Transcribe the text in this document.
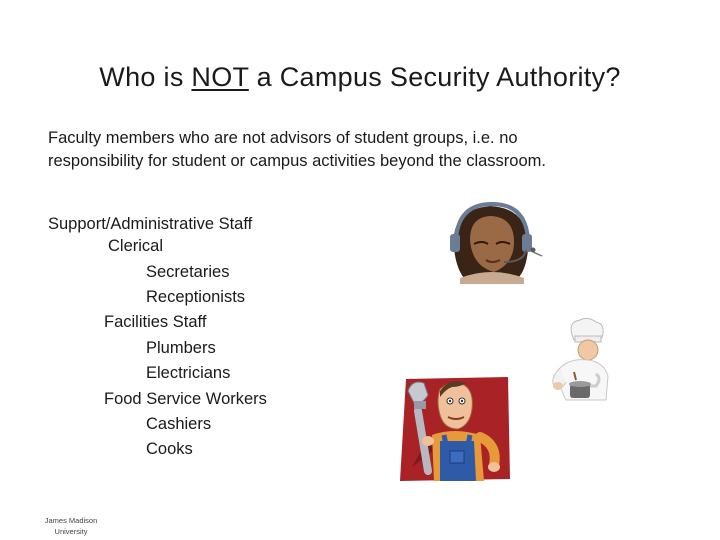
Who is NOT a Campus Security Authority?
Faculty members who are not advisors of student groups, i.e. no responsibility for student or campus activities beyond the classroom.
Support/Administrative Staff
Clerical
Secretaries
Receptionists
Facilities Staff
Plumbers
Electricians
Food Service Workers
Cashiers
Cooks
James Madison
University
